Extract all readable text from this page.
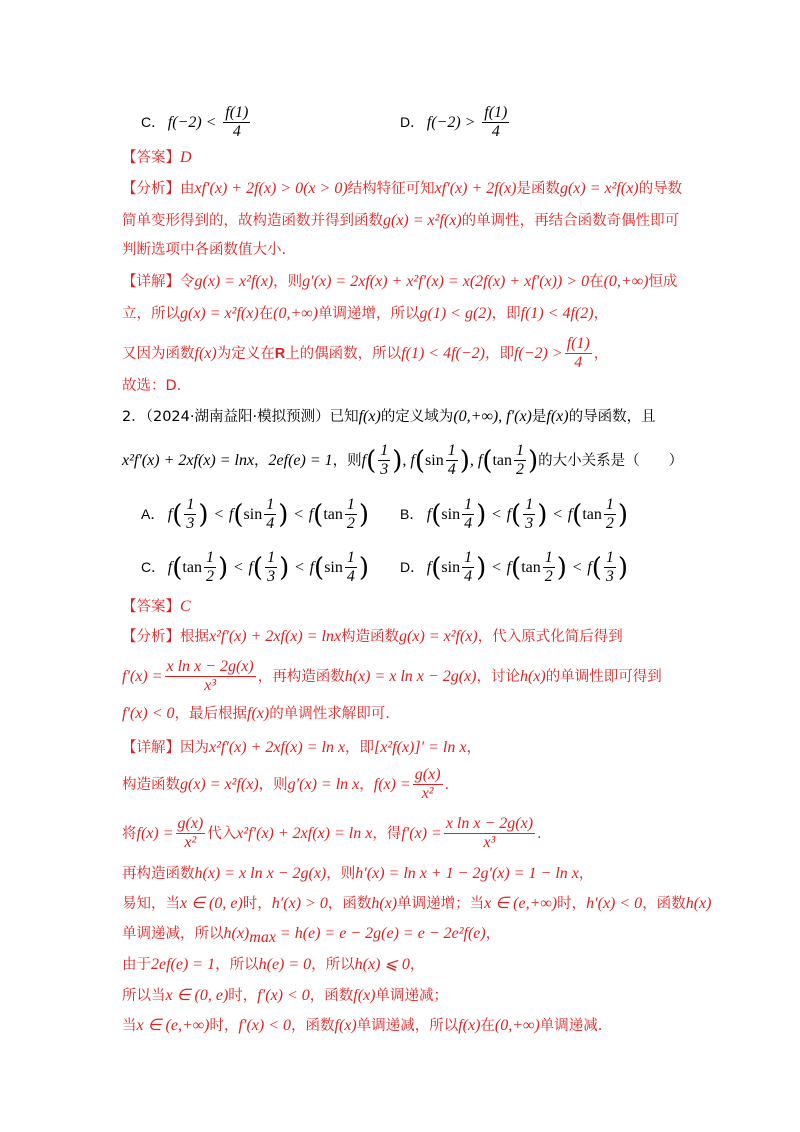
C． $f(-2) < \frac{f(1)}{4}$	D． $f(-2) > \frac{f(1)}{4}$
【答案】D
【分析】由xf′(x) + 2f(x) > 0(x > 0)结构特征可知xf′(x) + 2f(x)是函数g(x) = x²f(x)的导数
简单变形得到的，故构造函数并得到函数g(x) = x²f(x)的单调性，再结合函数奇偶性即可
判断选项中各函数值大小.
【详解】令g(x) = x²f(x)，则g′(x) = 2xf(x) + x²f′(x) = x(2f(x) + xf′(x)) > 0在(0,+∞)恒成
立，所以g(x) = x²f(x)在(0,+∞)单调递增，所以g(1) < g(2)，即f(1) < 4f(2)，
又因为函数f(x)为定义在R上的偶函数，所以f(1) < 4f(−2)，即$f(-2) > \frac{f(1)}{4}$ ，
故选：D.
2．（2024·湖南益阳·模拟预测）已知f(x)的定义域为(0,+∞), f′(x)是f(x)的导函数，且
x²f′(x) + 2xf(x) = lnx，2ef(e) = 1，则$f( \frac{1}{3}$ ), $f(\sin \frac{1}{4}$ ), $f(\tan \frac{1}{2}$ )的大小关系是（　　）
A． $f( \frac{1}{3}$ ) < $f(\sin \frac{1}{4}$ ) < $f(\tan \frac{1}{2}$ ) B． $f(\sin \frac{1}{4}$ ) < $f( \frac{1}{3}$ ) < $f(\tan \frac{1}{2}$ )
C． $f(\tan \frac{1}{2}$ ) < $f( \frac{1}{3}$ ) < $f(\sin \frac{1}{4}$ ) D． $f(\sin \frac{1}{4}$ ) < $f(\tan \frac{1}{2}$ ) < $f( \frac{1}{3}$ )
【答案】C
【分析】根据x²f′(x) + 2xf(x) = lnx构造函数g(x) = x²f(x)，代入原式化简后得到
$f'(x) = \frac{\text{x ln x − 2g(x)}}{\text{x³}}$ ，再构造函数h(x) = x ln x − 2g(x)，讨论h(x)的单调性即可得到
f′(x) < 0，最后根据f(x)的单调性求解即可.
【详解】因为x²f′(x) + 2xf(x) = ln x，即[x²f(x)]′ = ln x，
构造函数g(x) = x²f(x)，则g′(x) = ln x，$f(x) = \frac{g(x)}{\text{x²}}$ .
将$f(x) = \frac{g(x)}{\text{x²}}$ 代入x²f′(x) + 2xf(x) = ln x，得$f'(x) = \frac{\text{x ln x − 2g(x)}}{\text{x³}}$ .
再构造函数h(x) = x ln x − 2g(x)，则h′(x) = ln x + 1 − 2g′(x) = 1 − ln x，
易知，当x ∈ (0, e)时，h′(x) > 0，函数h(x)单调递增；当x ∈ (e,+∞)时，h′(x) < 0，函数h(x)
单调递减，所以$h(x)_{max} = h(e) = e - 2g(e) = e - 2e^2f(e)$，
由于2ef(e) = 1，所以h(e) = 0，所以h(x) ⩽ 0，
所以当x ∈ (0, e)时，f′(x) < 0，函数f(x)单调递减；
当x ∈ (e,+∞)时，f′(x) < 0，函数f(x)单调递减，所以f(x)在(0,+∞)单调递减.
